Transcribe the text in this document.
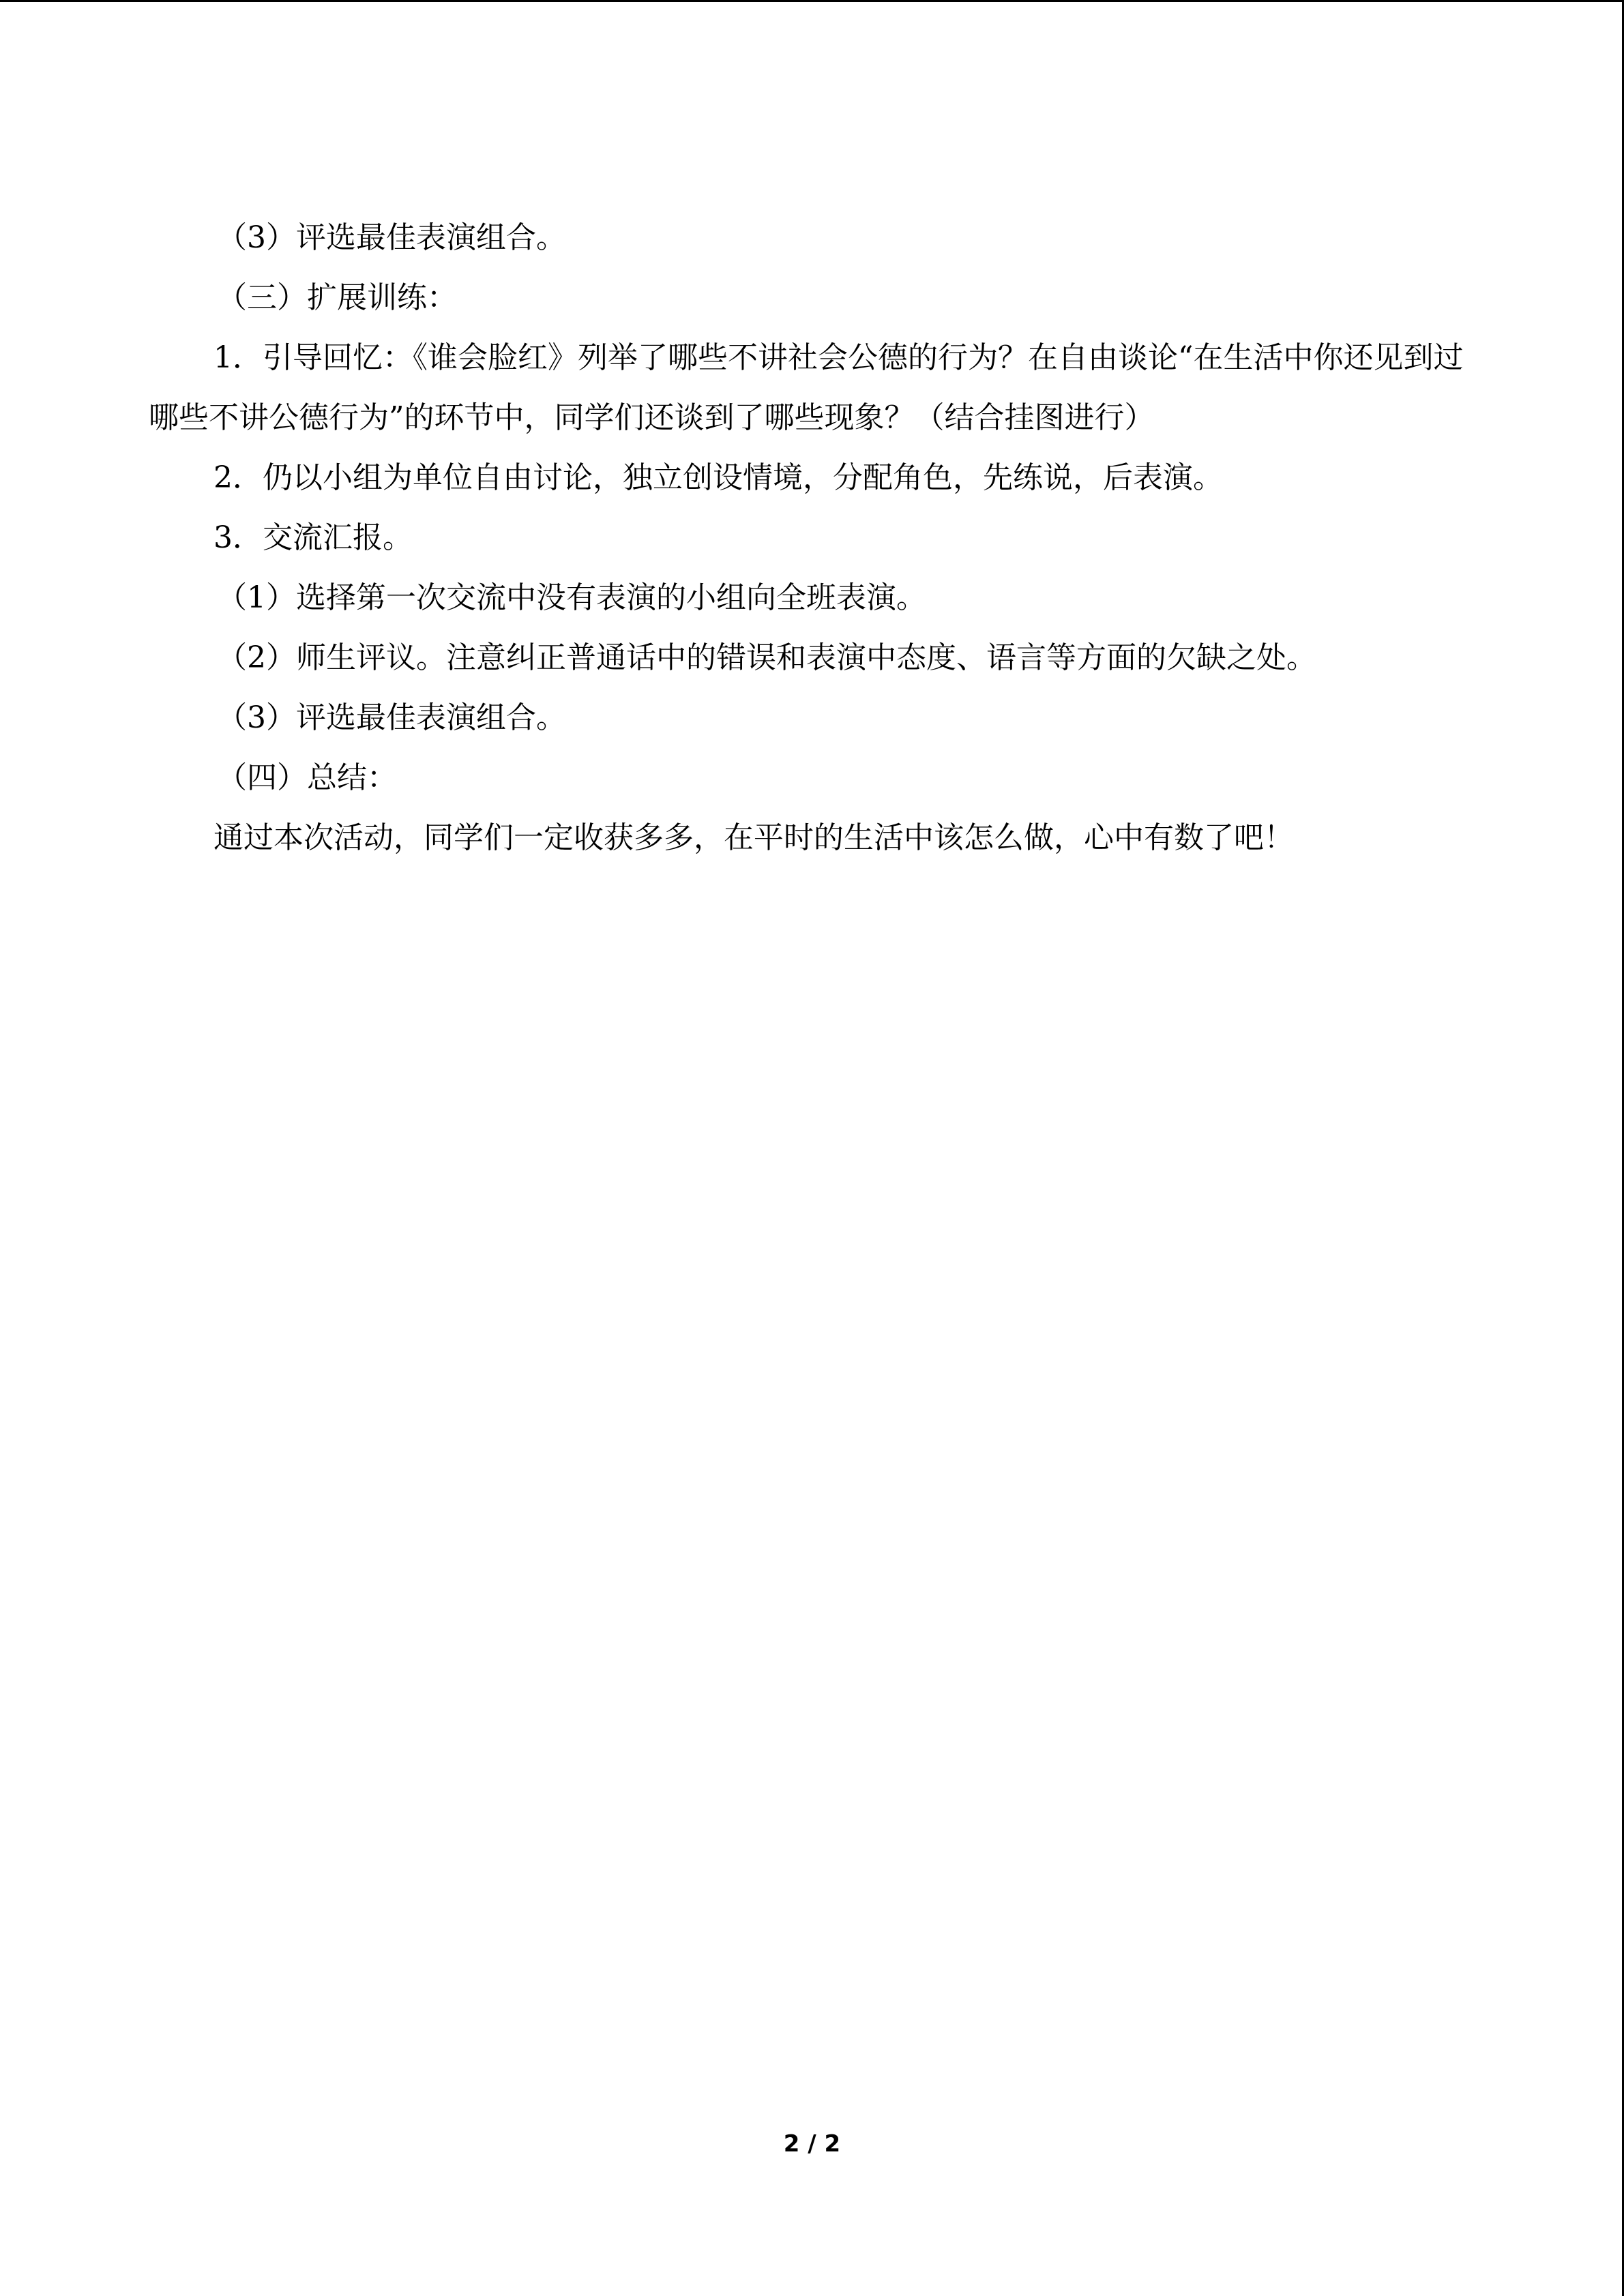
（3）评选最佳表演组合。

（三）扩展训练：

1．引导回忆：《谁会脸红》列举了哪些不讲社会公德的行为？在自由谈论“在生活中你还见到过哪些不讲公德行为”的环节中，同学们还谈到了哪些现象？（结合挂图进行）

2．仍以小组为单位自由讨论，独立创设情境，分配角色，先练说，后表演。

3．交流汇报。

（1）选择第一次交流中没有表演的小组向全班表演。

（2）师生评议。注意纠正普通话中的错误和表演中态度、语言等方面的欠缺之处。

（3）评选最佳表演组合。

（四）总结：

通过本次活动，同学们一定收获多多，在平时的生活中该怎么做，心中有数了吧！

2 / 2
